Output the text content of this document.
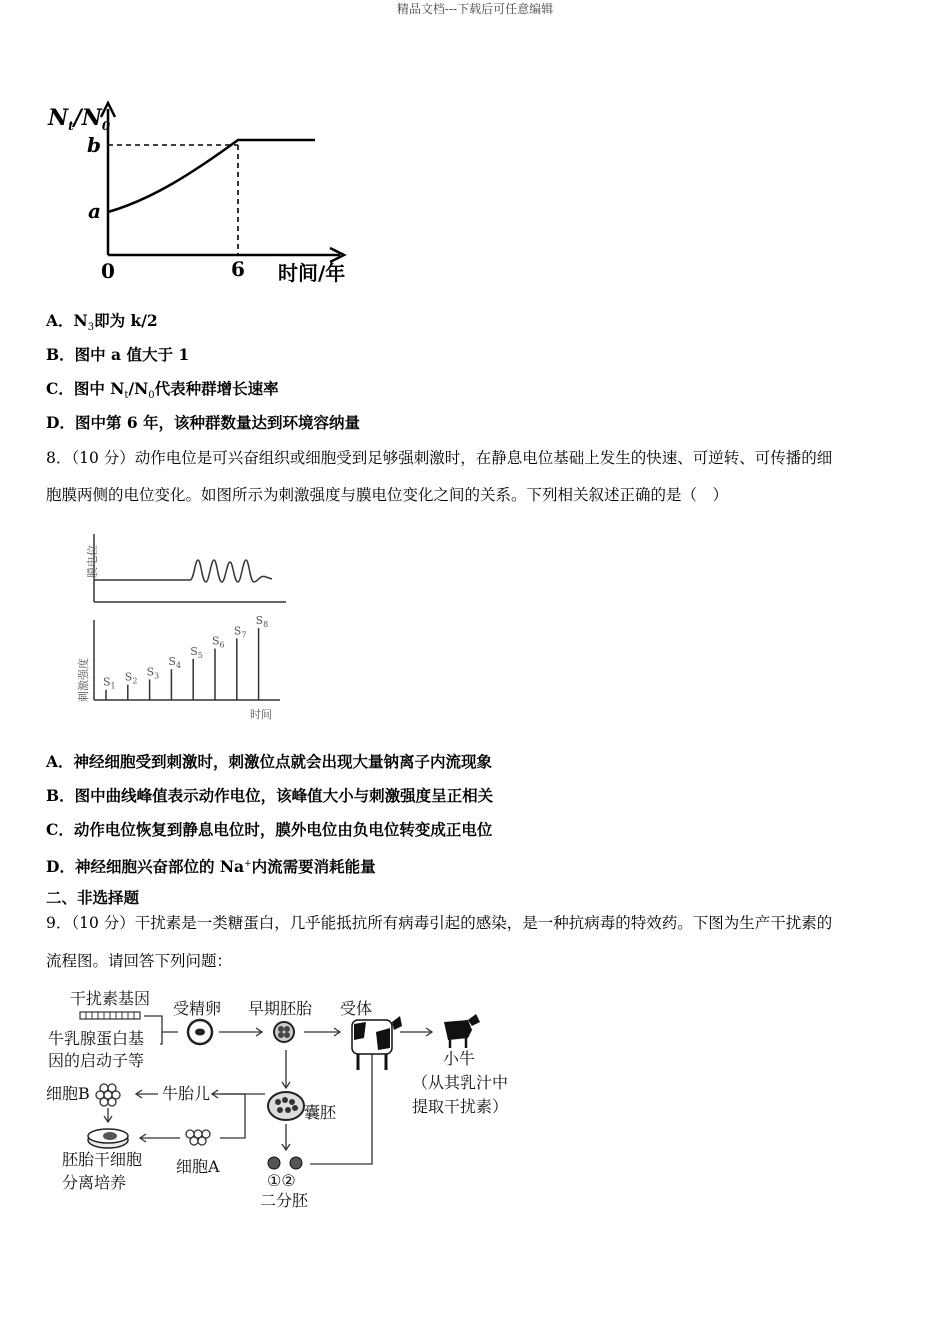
精品文档---下载后可任意编辑
$N_t/N_0$
b
a
0	6 时间/年
A．$N_3$即为 k/2
B．图中 a 值大于 1
C．图中 $N_t/N_0$代表种群增长速率
D．图中第 6 年，该种群数量达到环境容纳量
8．（10 分）动作电位是可兴奋组织或细胞受到足够强刺激时，在静息电位基础上发生的快速、可逆转、可传播的细
胞膜两侧的电位变化。如图所示为刺激强度与膜电位变化之间的关系。下列相关叙述正确的是（　）
膜电位
刺激强度 $S_1$
$S_2$
$S_3$
$S_4$
$S_5$
$S_6$
$S_7$
$S_8$
时间
A．神经细胞受到刺激时，刺激位点就会出现大量钠离子内流现象
B．图中曲线峰值表示动作电位，该峰值大小与刺激强度呈正相关
C．动作电位恢复到静息电位时，膜外电位由负电位转变成正电位
D．神经细胞兴奋部位的 Na+内流需要消耗能量
二、非选择题
9．（10 分）干扰素是一类糖蛋白，几乎能抵抗所有病毒引起的感染，是一种抗病毒的特效药。下图为生产干扰素的
流程图。请回答下列问题：
干扰素基因
牛乳腺蛋白基
因的启动子等
受精卵 早期胚胎 受体
小牛
（从其乳汁中
提取干扰素）
细胞B	牛胎儿
囊胚
细胞A
胚胎干细胞
分离培养	①②
二分胚
